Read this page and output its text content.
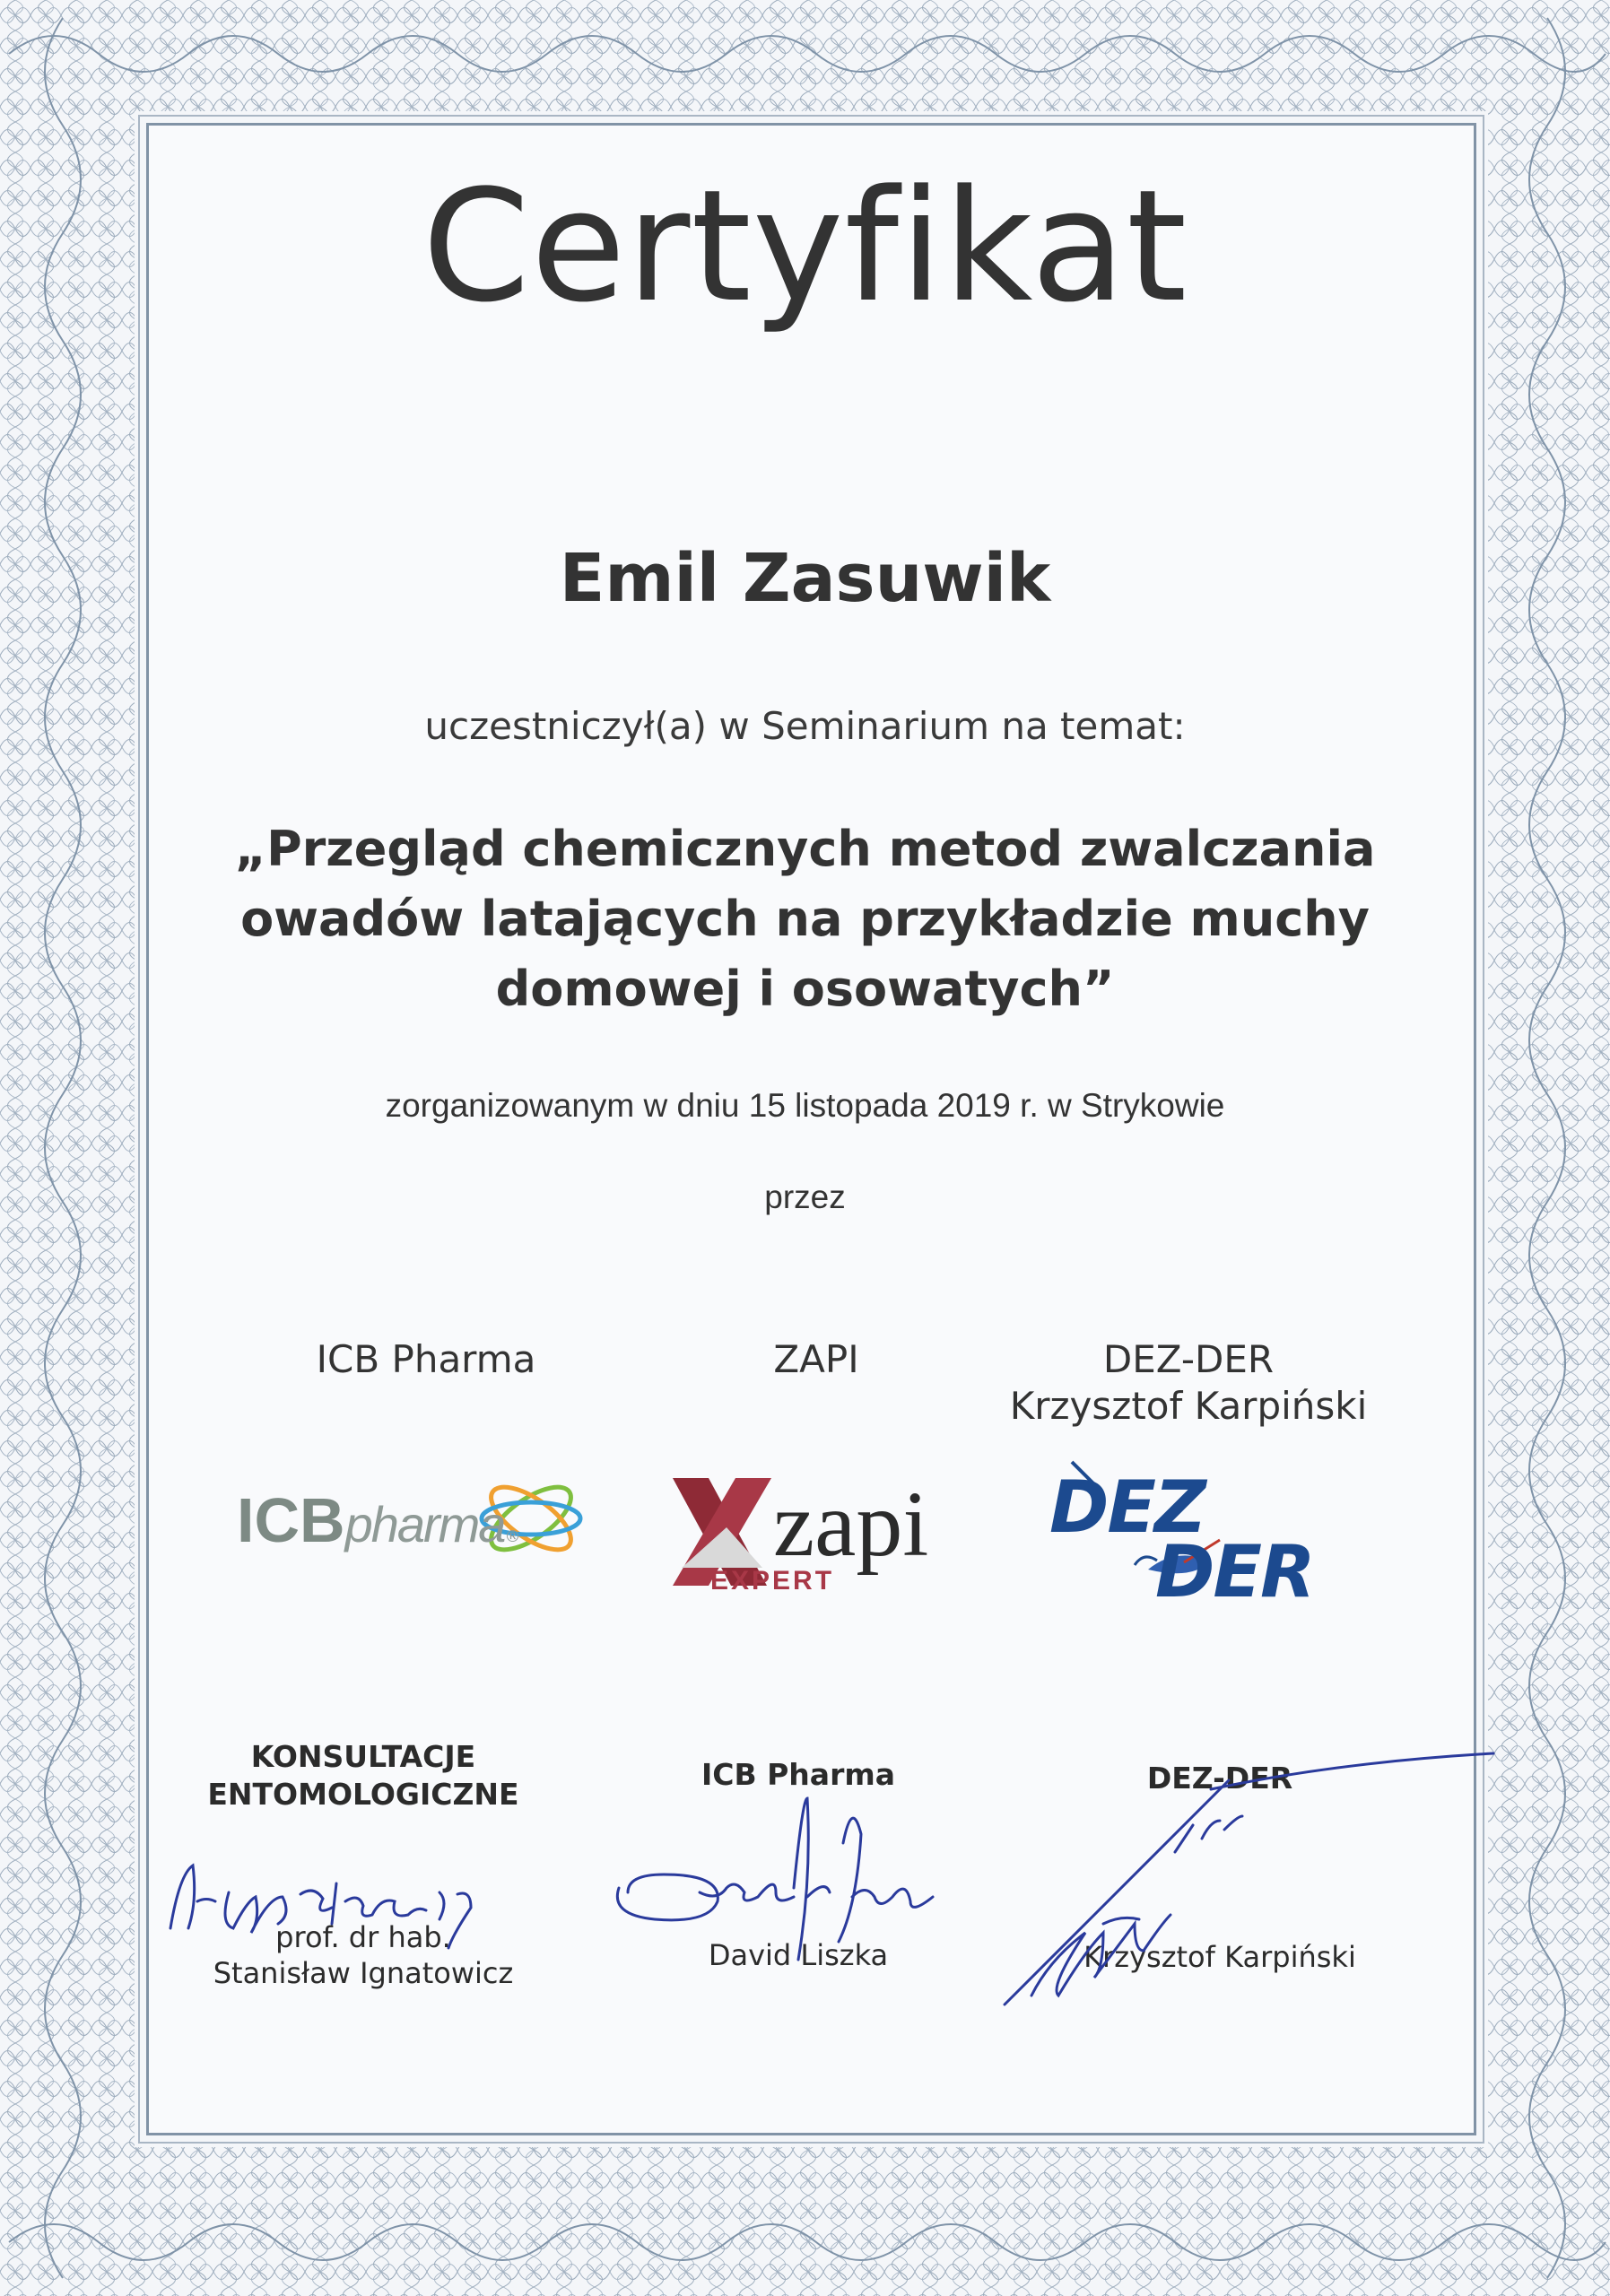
Certyfikat
Emil Zasuwik
uczestniczył(a) w Seminarium na temat:
„Przegląd chemicznych metod zwalczania
owadów latających na przykładzie muchy
domowej i osowatych”
zorganizowanym w dniu 15 listopada 2019 r. w Strykowie
przez
ICB Pharma	ZAPI	DEZ-DER
Krzysztof Karpiński
ICBpharma®	zapi
EXPERT
DEZ
DER
KONSULTACJE
ENTOMOLOGICZNE
prof. dr hab.
Stanisław Ignatowicz
ICB Pharma
David Liszka
DEZ-DER
Krzysztof Karpiński
